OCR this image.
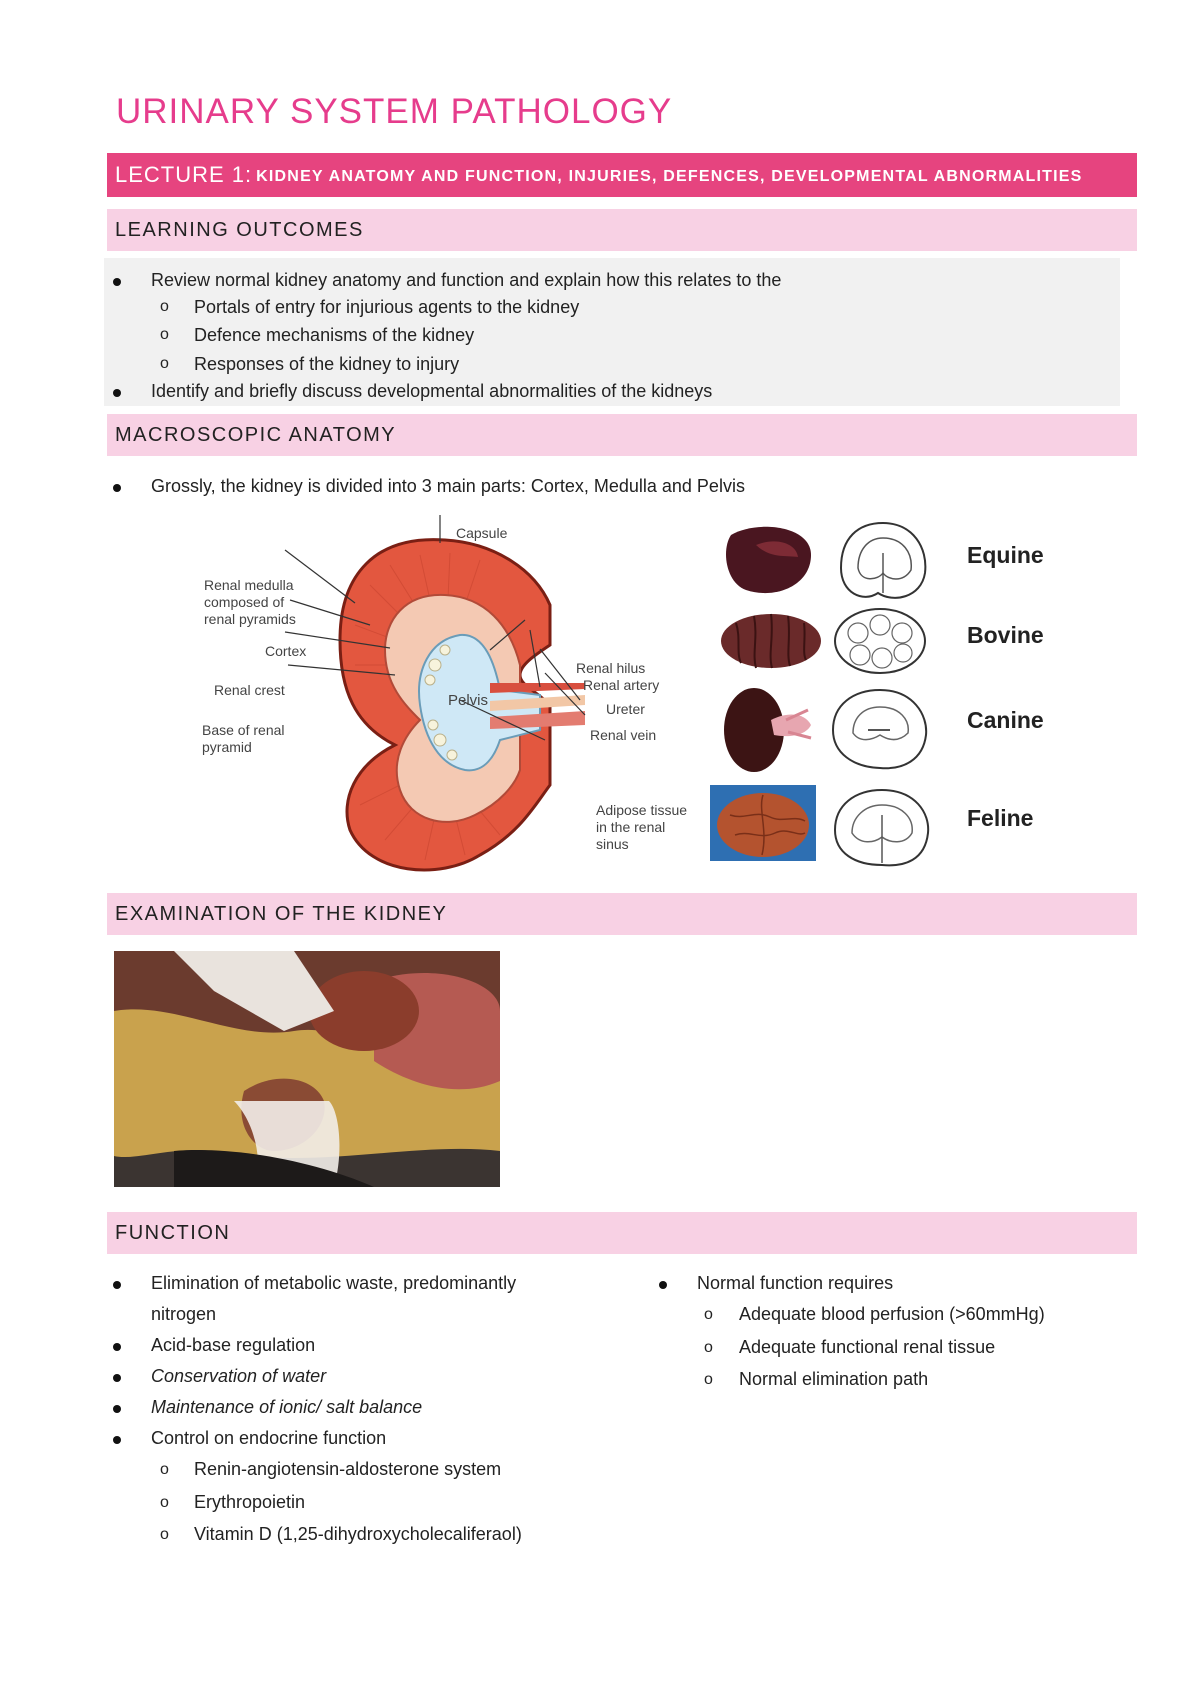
URINARY SYSTEM PATHOLOGY
LECTURE 1: KIDNEY ANATOMY AND FUNCTION, INJURIES, DEFENCES, DEVELOPMENTAL ABNORMALITIES
LEARNING OUTCOMES
Review normal kidney anatomy and function and explain how this relates to the
o Portals of entry for injurious agents to the kidney
o Defence mechanisms of the kidney
o Responses of the kidney to injury
Identify and briefly discuss developmental abnormalities of the kidneys
MACROSCOPIC ANATOMY
Grossly, the kidney is divided into 3 main parts: Cortex, Medulla and Pelvis
Capsule
Renal medulla
composed of
renal pyramids
Cortex
Renal crest
Base of renal
pyramid
Pelvis
Renal hilus
Renal artery
Ureter
Renal vein
Adipose tissue
in the renal
sinus
Equine
Bovine
Canine
Feline
EXAMINATION OF THE KIDNEY
FUNCTION
Elimination of metabolic waste, predominantly
nitrogen
Acid-base regulation
Conservation of water
Maintenance of ionic/ salt balance
Control on endocrine function
o Renin-angiotensin-aldosterone system
o Erythropoietin
o Vitamin D (1,25-dihydroxycholecaliferaol)
Normal function requires
o Adequate blood perfusion (>60mmHg)
o Adequate functional renal tissue
o Normal elimination path
